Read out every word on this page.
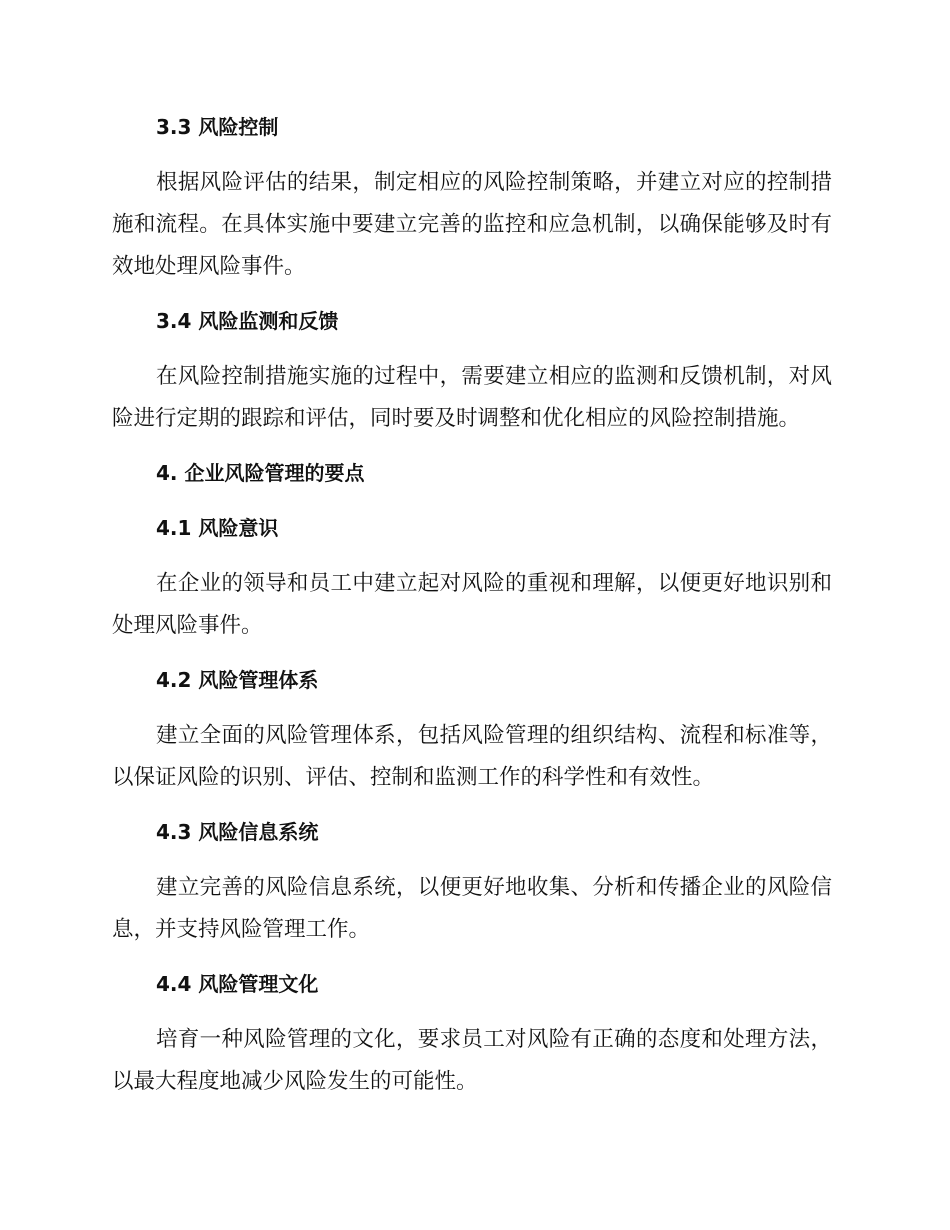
3.3 风险控制

根据风险评估的结果，制定相应的风险控制策略，并建立对应的控制措施和流程。在具体实施中要建立完善的监控和应急机制，以确保能够及时有效地处理风险事件。

3.4 风险监测和反馈

在风险控制措施实施的过程中，需要建立相应的监测和反馈机制，对风险进行定期的跟踪和评估，同时要及时调整和优化相应的风险控制措施。

4. 企业风险管理的要点
4.1 风险意识

在企业的领导和员工中建立起对风险的重视和理解，以便更好地识别和处理风险事件。

4.2 风险管理体系

建立全面的风险管理体系，包括风险管理的组织结构、流程和标准等，以保证风险的识别、评估、控制和监测工作的科学性和有效性。

4.3 风险信息系统

建立完善的风险信息系统，以便更好地收集、分析和传播企业的风险信息，并支持风险管理工作。

4.4 风险管理文化

培育一种风险管理的文化，要求员工对风险有正确的态度和处理方法，以最大程度地减少风险发生的可能性。
